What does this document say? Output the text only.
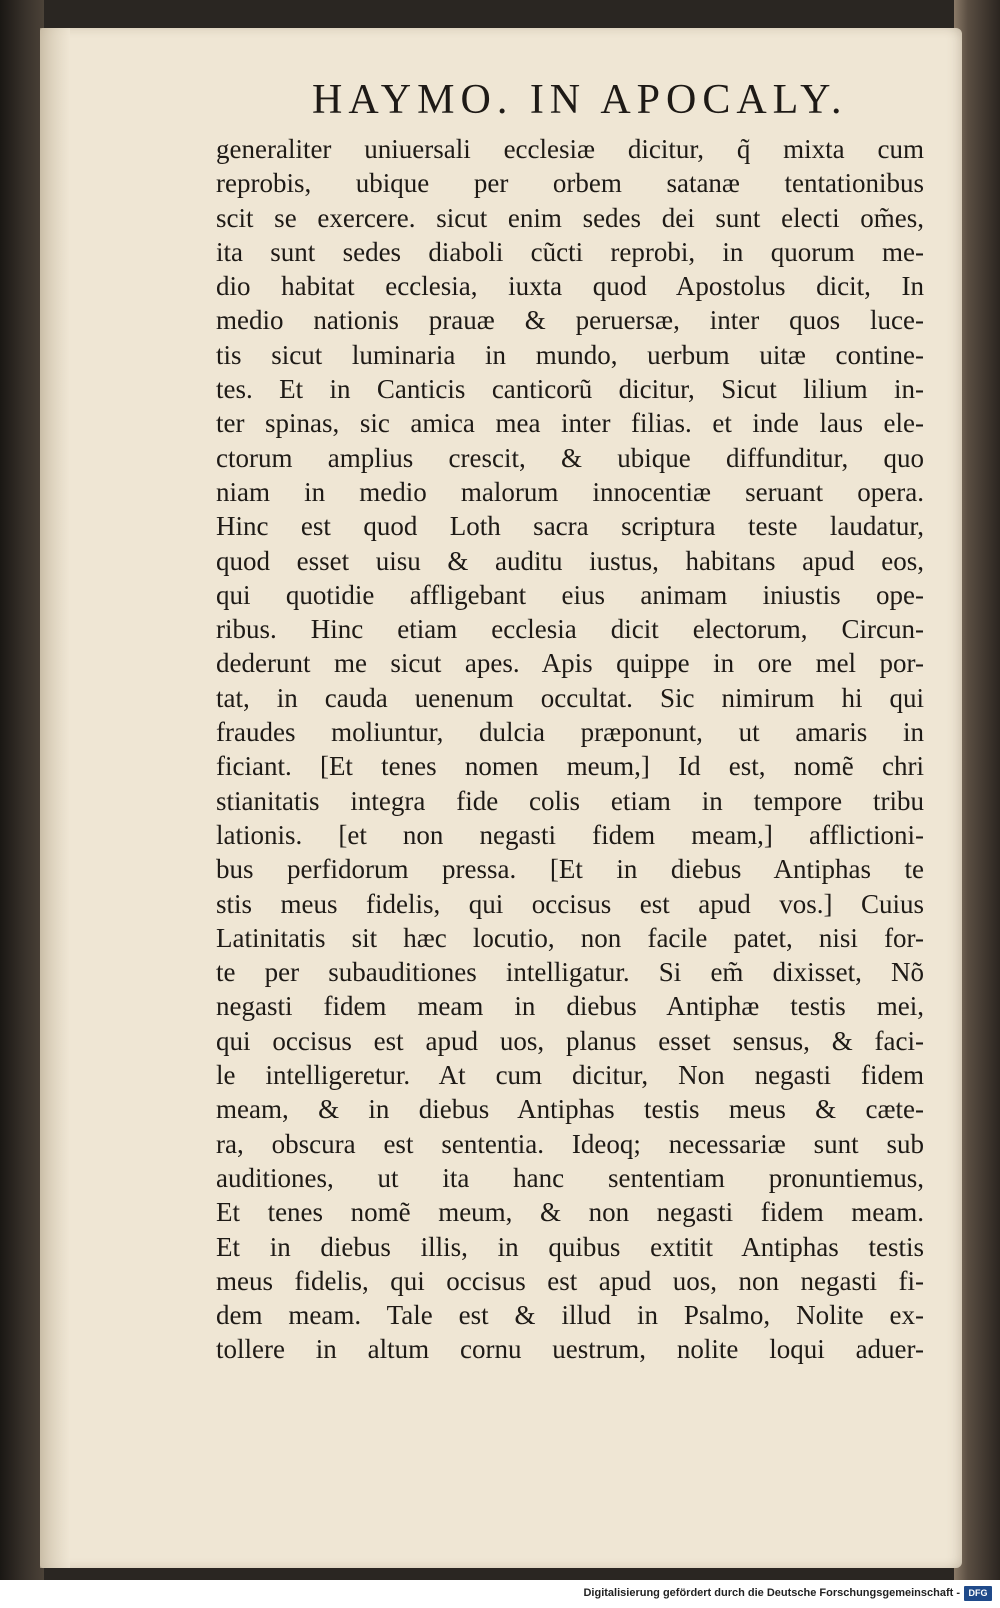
HAYMO. IN APOCALY.
generaliter uniuersali ecclesiæ dicitur, q̃ mixta cum
reprobis, ubique per orbem satanæ tentationibus
scit se exercere. sicut enim sedes dei sunt electi om̃es,
ita sunt sedes diaboli cũcti reprobi, in quorum me-
dio habitat ecclesia, iuxta quod Apostolus dicit, In
medio nationis prauæ & peruersæ, inter quos luce-
tis sicut luminaria in mundo, uerbum uitæ contine-
tes. Et in Canticis canticorũ dicitur, Sicut lilium in-
ter spinas, sic amica mea inter filias. et inde laus ele-
ctorum amplius crescit, & ubique diffunditur, quo
niam in medio malorum innocentiæ seruant opera.
Hinc est quod Loth sacra scriptura teste laudatur,
quod esset uisu & auditu iustus, habitans apud eos,
qui quotidie affligebant eius animam iniustis ope-
ribus. Hinc etiam ecclesia dicit electorum, Circun-
dederunt me sicut apes. Apis quippe in ore mel por-
tat, in cauda uenenum occultat. Sic nimirum hi qui
fraudes moliuntur, dulcia præponunt, ut amaris in
ficiant. [Et tenes nomen meum,] Id est, nomẽ chri
stianitatis integra fide colis etiam in tempore tribu
lationis. [et non negasti fidem meam,] afflictioni-
bus perfidorum pressa. [Et in diebus Antiphas te
stis meus fidelis, qui occisus est apud vos.] Cuius
Latinitatis sit hæc locutio, non facile patet, nisi for-
te per subauditiones intelligatur. Si em̃ dixisset, Nõ
negasti fidem meam in diebus Antiphæ testis mei,
qui occisus est apud uos, planus esset sensus, & faci-
le intelligeretur. At cum dicitur, Non negasti fidem
meam, & in diebus Antiphas testis meus & cæte-
ra, obscura est sententia. Ideoq; necessariæ sunt sub
auditiones, ut ita hanc sententiam pronuntiemus,
Et tenes nomẽ meum, & non negasti fidem meam.
Et in diebus illis, in quibus extitit Antiphas testis
meus fidelis, qui occisus est apud uos, non negasti fi-
dem meam. Tale est & illud in Psalmo, Nolite ex-
tollere in altum cornu uestrum, nolite loqui aduer-
Digitalisierung gefördert durch die Deutsche Forschungsgemeinschaft - DFG
